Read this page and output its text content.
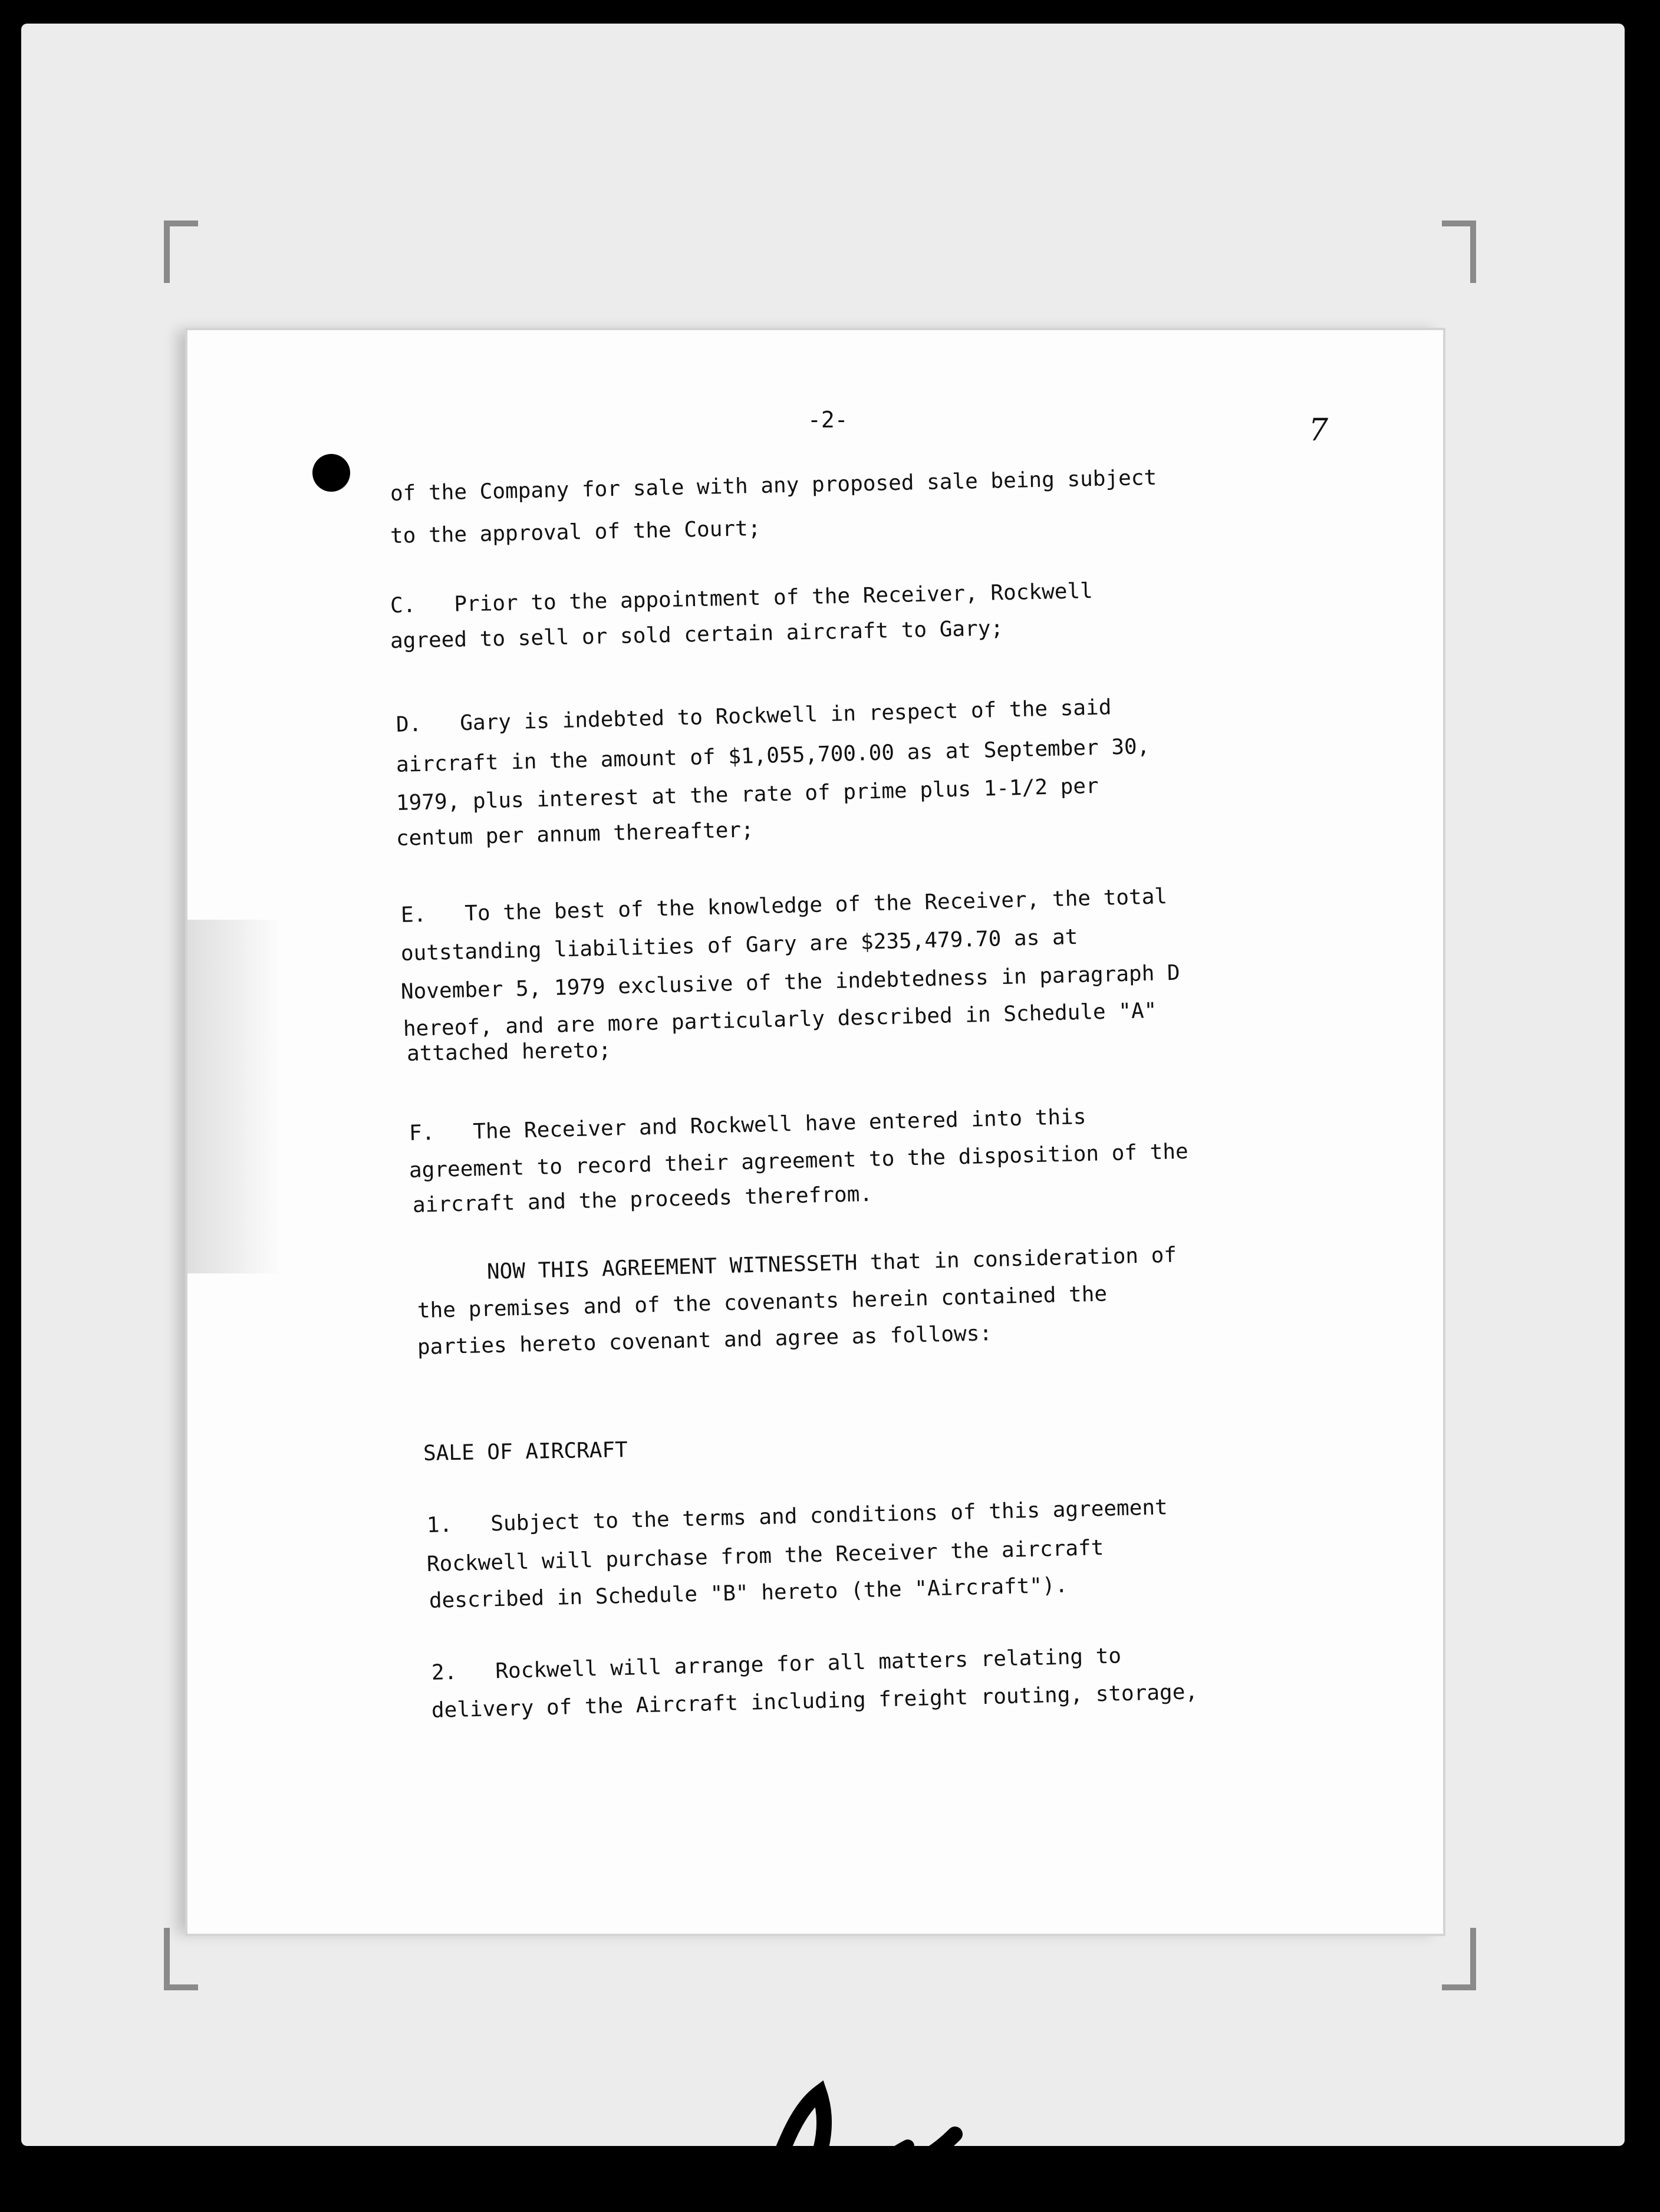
-2-	7

of the Company for sale with any proposed sale being subject

to the approval of the Court;

C.   Prior to the appointment of the Receiver, Rockwell

agreed to sell or sold certain aircraft to Gary;

D.   Gary is indebted to Rockwell in respect of the said

aircraft in the amount of $1,055,700.00 as at September 30,

1979, plus interest at the rate of prime plus 1-1/2 per

centum per annum thereafter;

E.   To the best of the knowledge of the Receiver, the total

outstanding liabilities of Gary are $235,479.70 as at

November 5, 1979 exclusive of the indebtedness in paragraph D

hereof, and are more particularly described in Schedule "A"

attached hereto;

F.   The Receiver and Rockwell have entered into this

agreement to record their agreement to the disposition of the

aircraft and the proceeds therefrom.

NOW THIS AGREEMENT WITNESSETH that in consideration of

the premises and of the covenants herein contained the

parties hereto covenant and agree as follows:

SALE OF AIRCRAFT

1.   Subject to the terms and conditions of this agreement

Rockwell will purchase from the Receiver the aircraft

described in Schedule "B" hereto (the "Aircraft").

2.   Rockwell will arrange for all matters relating to

delivery of the Aircraft including freight routing, storage,
